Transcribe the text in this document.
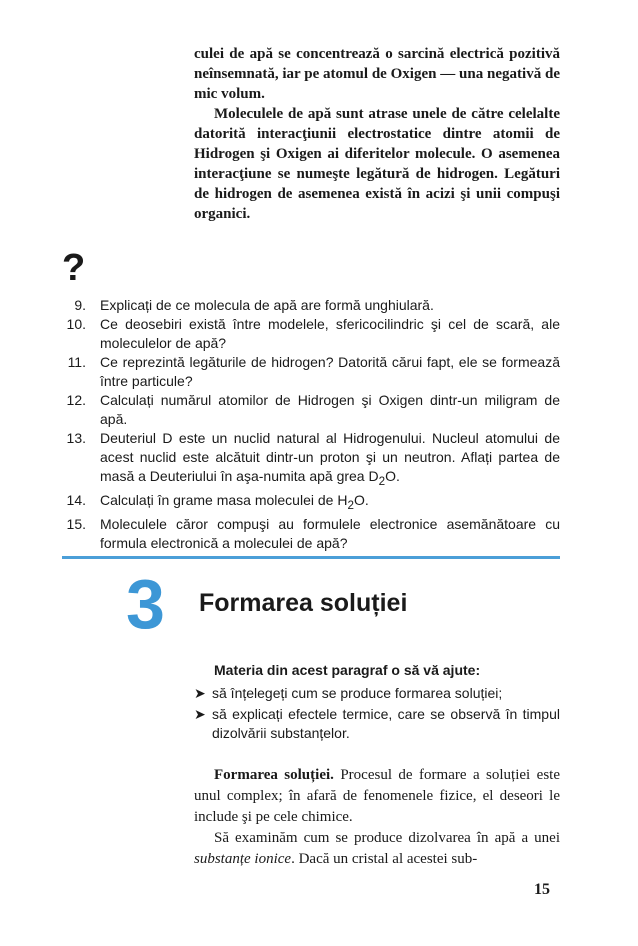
culei de apă se concentrează o sarcină electrică pozitivă neînsemnată, iar pe atomul de Oxigen — una negativă de mic volum.

Moleculele de apă sunt atrase unele de către celelalte datorită interacţiunii electrostatice dintre atomii de Hidrogen şi Oxigen ai diferitelor molecule. O asemenea interacţiune se numeşte legătură de hidrogen. Legături de hidrogen de asemenea există în acizi şi unii compuşi organici.

?
9. Explicați de ce molecula de apă are formă unghiulară.
10. Ce deosebiri există între modelele, sfericocilindric şi cel de scară, ale moleculelor de apă?
11. Ce reprezintă legăturile de hidrogen? Datorită cărui fapt, ele se formează între particule?
12. Calculați numărul atomilor de Hidrogen şi Oxigen dintr-un miligram de apă.
13. Deuteriul D este un nuclid natural al Hidrogenului. Nucleul atomului de acest nuclid este alcătuit dintr-un proton şi un neutron. Aflați partea de masă a Deuteriului în aşa-numita apă grea $D_2O$.
14. Calculați în grame masa moleculei de $H_2O$.
15. Moleculele căror compuşi au formulele electronice asemănătoare cu formula electronică a moleculei de apă?
3 Formarea soluției
Materia din acest paragraf o să vă ajute:
➤ să înțelegeți cum se produce formarea soluției;
➤ să explicați efectele termice, care se observă în timpul dizolvării substanțelor.

Formarea soluției. Procesul de formare a soluției este unul complex; în afară de fenomenele fizice, el deseori le include şi pe cele chimice.

Să examinăm cum se produce dizolvarea în apă a unei substanțe ionice. Dacă un cristal al acestei sub-

15
